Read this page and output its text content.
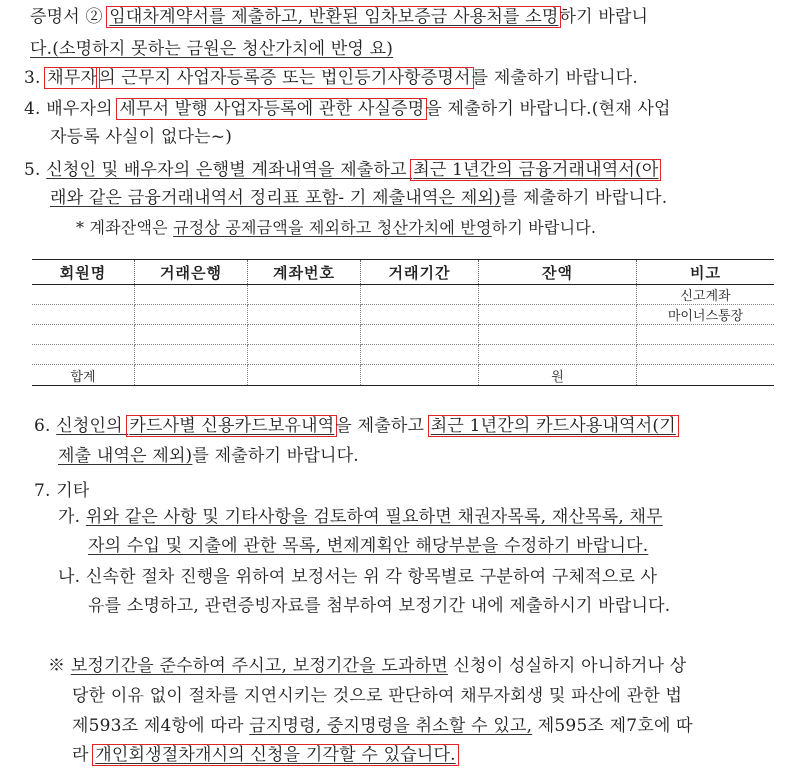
증명서 ② 임대차계약서를 제출하고, 반환된 임차보증금 사용처를 소명하기 바랍니
다.(소명하지 못하는 금원은 청산가치에 반영 요)
3. 채무자 의 근무지 사업자등록증 또는 법인등기사항증명서를 제출하기 바랍니다.
4. 배우자의 세무서 발행 사업자등록에 관한 사실증명을 제출하기 바랍니다.(현재 사업
자등록 사실이 없다는~)
5. 신청인 및 배우자의 은행별 계좌내역을 제출하고 최근 1년간의 금융거래내역서(아
래와 같은 금융거래내역서 정리표 포함- 기 제출내역은 제외)를 제출하기 바랍니다.
* 계좌잔액은 규정상 공제금액을 제외하고 청산가치에 반영하기 바랍니다.
회원명	거래은행	계좌번호	거래기간	잔액	비고
					신고계좌
					마이너스통장

합계				원	
6. 신청인의 카드사별 신용카드보유내역을 제출하고 최근 1년간의 카드사용내역서(기
제출 내역은 제외)를 제출하기 바랍니다.
7. 기타
가. 위와 같은 사항 및 기타사항을 검토하여 필요하면 채권자목록, 재산목록, 채무
자의 수입 및 지출에 관한 목록, 변제계획안 해당부분을 수정하기 바랍니다.
나. 신속한 절차 진행을 위하여 보정서는 위 각 항목별로 구분하여 구체적으로 사
유를 소명하고, 관련증빙자료를 첨부하여 보정기간 내에 제출하시기 바랍니다.
※ 보정기간을 준수하여 주시고, 보정기간을 도과하면 신청이 성실하지 아니하거나 상
당한 이유 없이 절차를 지연시키는 것으로 판단하여 채무자회생 및 파산에 관한 법
제593조 제4항에 따라 금지명령, 중지명령을 취소할 수 있고, 제595조 제7호에 따
라 개인회생절차개시의 신청을 기각할 수 있습니다.
